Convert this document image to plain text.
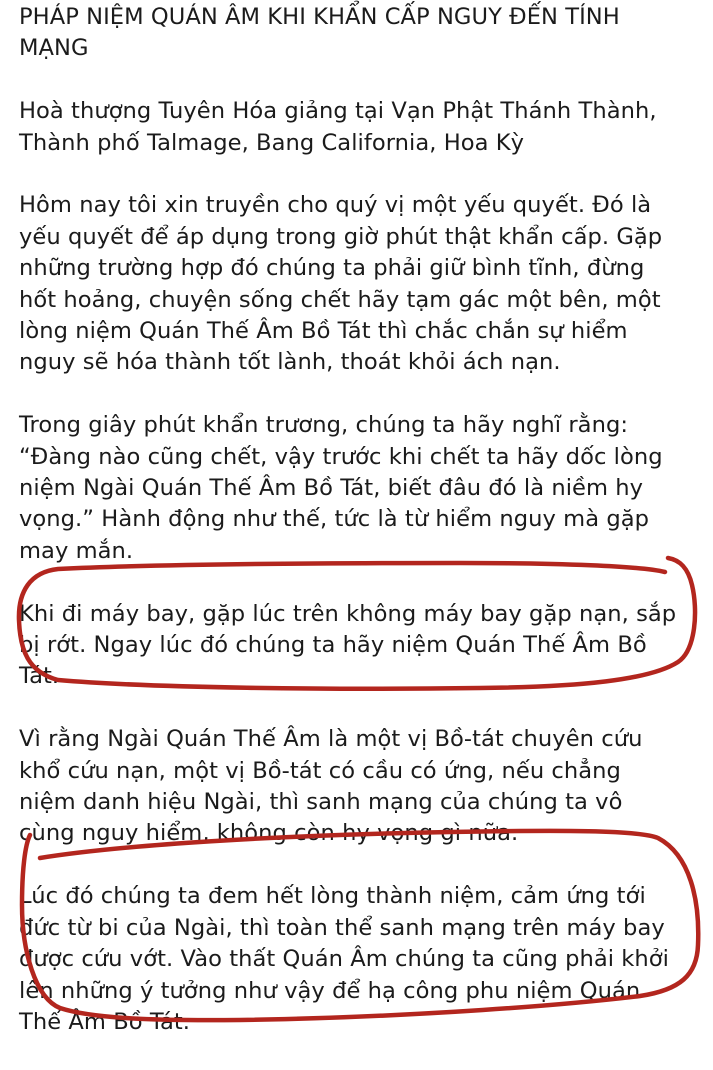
PHÁP NIỆM QUÁN ÂM KHI KHẨN CẤP NGUY ĐẾN TÍNH
MẠNG

Hoà thượng Tuyên Hóa giảng tại Vạn Phật Thánh Thành,
Thành phố Talmage, Bang California, Hoa Kỳ

Hôm nay tôi xin truyền cho quý vị một yếu quyết. Đó là
yếu quyết để áp dụng trong giờ phút thật khẩn cấp. Gặp
những trường hợp đó chúng ta phải giữ bình tĩnh, đừng
hốt hoảng, chuyện sống chết hãy tạm gác một bên, một
lòng niệm Quán Thế Âm Bồ Tát thì chắc chắn sự hiểm
nguy sẽ hóa thành tốt lành, thoát khỏi ách nạn.

Trong giây phút khẩn trương, chúng ta hãy nghĩ rằng:
“Đàng nào cũng chết, vậy trước khi chết ta hãy dốc lòng
niệm Ngài Quán Thế Âm Bồ Tát, biết đâu đó là niềm hy
vọng.” Hành động như thế, tức là từ hiểm nguy mà gặp
may mắn.

Khi đi máy bay, gặp lúc trên không máy bay gặp nạn, sắp
bị rớt. Ngay lúc đó chúng ta hãy niệm Quán Thế Âm Bồ
Tát.

Vì rằng Ngài Quán Thế Âm là một vị Bồ-tát chuyên cứu
khổ cứu nạn, một vị Bồ-tát có cầu có ứng, nếu chẳng
niệm danh hiệu Ngài, thì sanh mạng của chúng ta vô
cùng nguy hiểm, không còn hy vọng gì nữa.

Lúc đó chúng ta đem hết lòng thành niệm, cảm ứng tới
đức từ bi của Ngài, thì toàn thể sanh mạng trên máy bay
được cứu vớt. Vào thất Quán Âm chúng ta cũng phải khởi
lên những ý tưởng như vậy để hạ công phu niệm Quán
Thế Âm Bồ Tát.
